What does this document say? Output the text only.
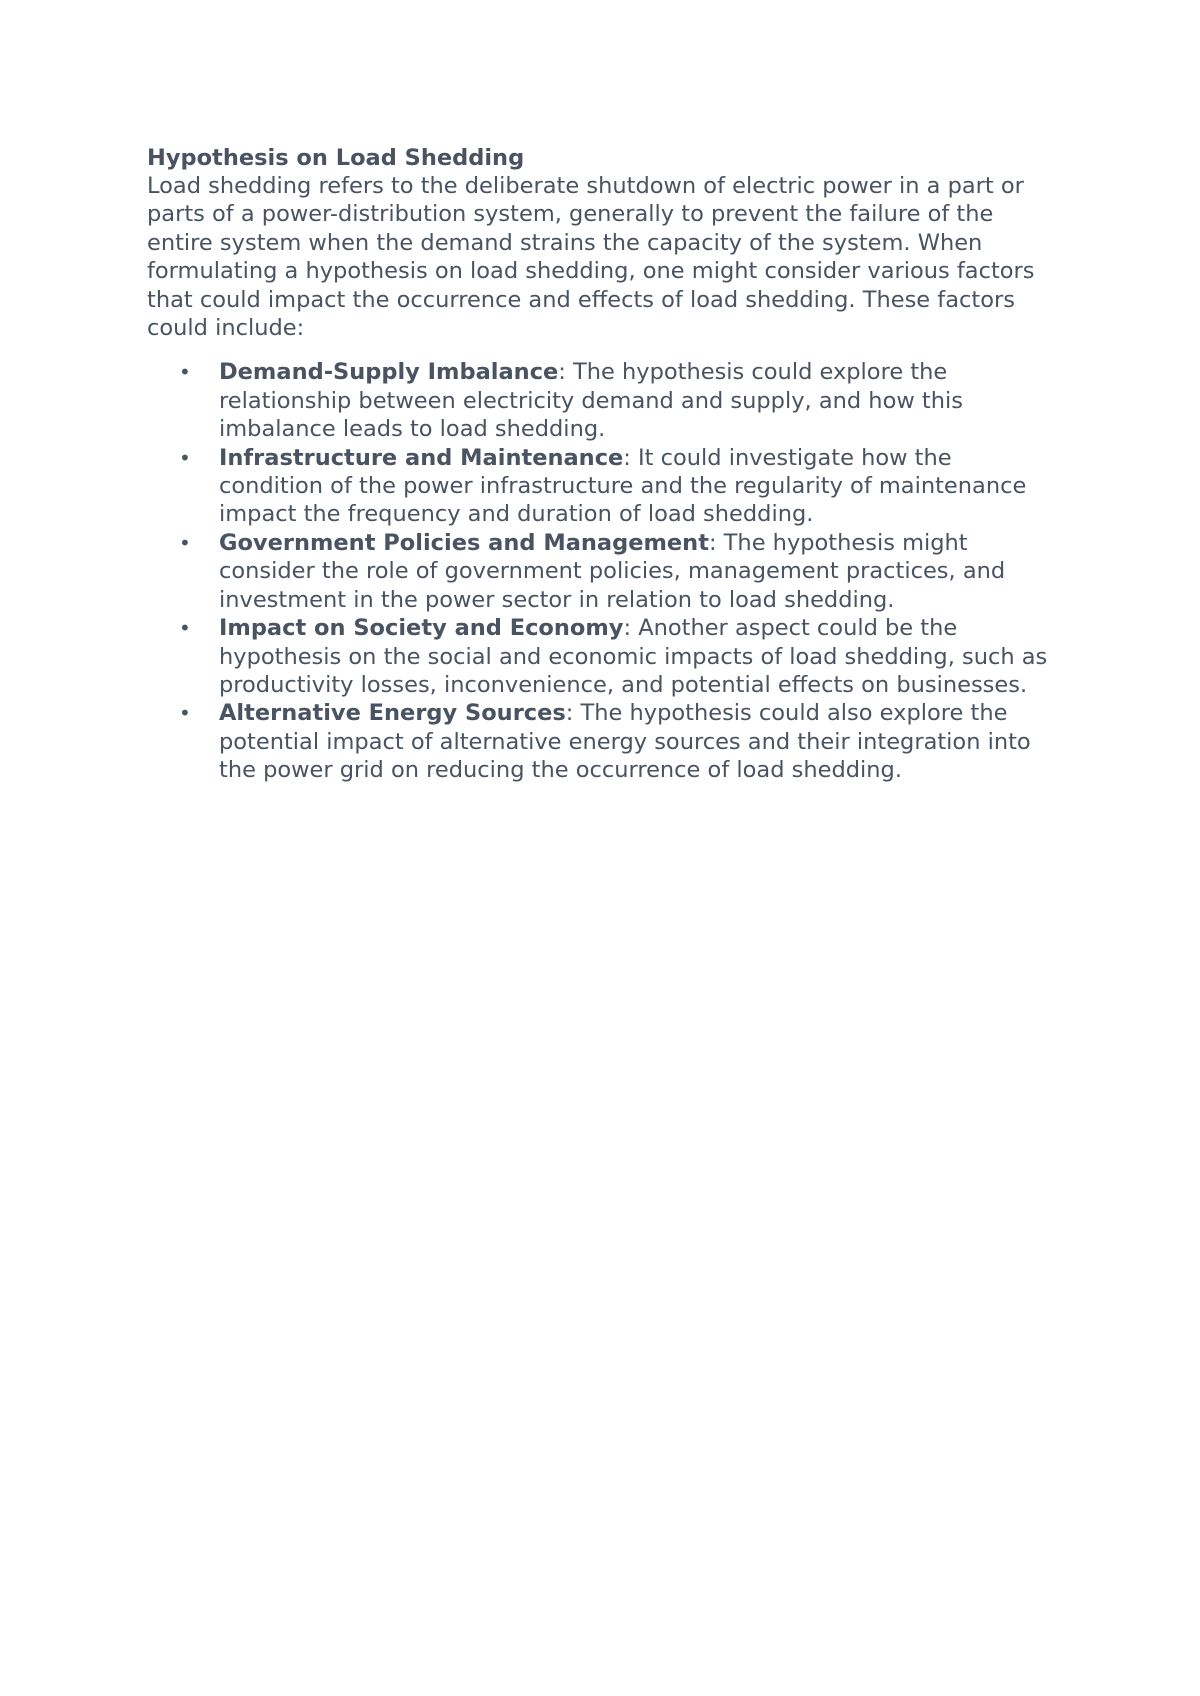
Hypothesis on Load Shedding

Load shedding refers to the deliberate shutdown of electric power in a part or parts of a power-distribution system, generally to prevent the failure of the entire system when the demand strains the capacity of the system. When formulating a hypothesis on load shedding, one might consider various factors that could impact the occurrence and effects of load shedding. These factors could include:

• Demand-Supply Imbalance: The hypothesis could explore the relationship between electricity demand and supply, and how this imbalance leads to load shedding.
• Infrastructure and Maintenance: It could investigate how the condition of the power infrastructure and the regularity of maintenance impact the frequency and duration of load shedding.
• Government Policies and Management: The hypothesis might consider the role of government policies, management practices, and investment in the power sector in relation to load shedding.
• Impact on Society and Economy: Another aspect could be the hypothesis on the social and economic impacts of load shedding, such as productivity losses, inconvenience, and potential effects on businesses.
• Alternative Energy Sources: The hypothesis could also explore the potential impact of alternative energy sources and their integration into the power grid on reducing the occurrence of load shedding.
